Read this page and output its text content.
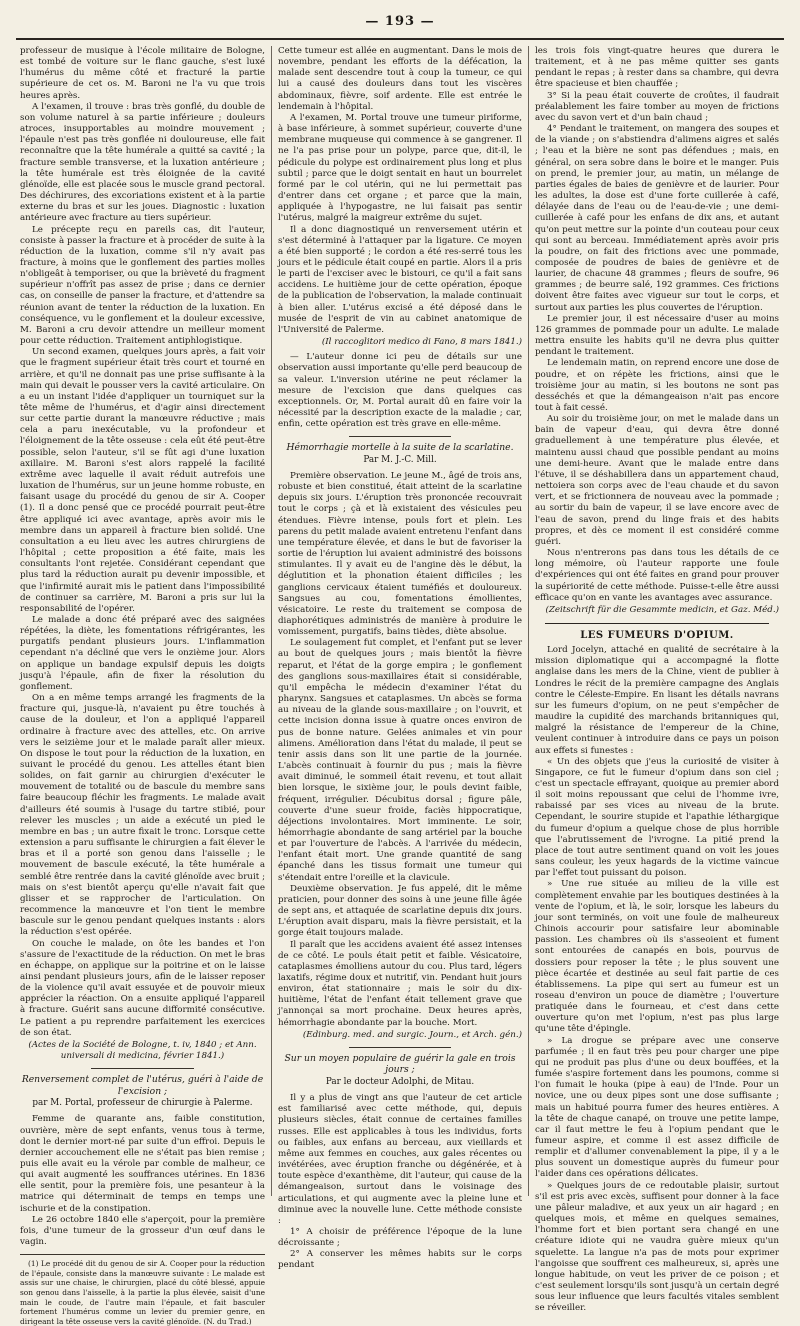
— 193 —

professeur de musique à l'école militaire de Bologne, est tombé de voiture sur le flanc gauche, s'est luxé l'humérus du même côté et fracturé la partie supérieure de cet os. M. Baroni ne l'a vu que trois heures après.

A l'examen, il trouve : bras très gonflé, du double de son volume naturel à sa partie inférieure ; douleurs atroces, insupportables au moindre mouvement ; l'épaule n'est pas très gonflée ni douloureuse, elle fait reconnaître que la tête humérale a quitté sa cavité ; la fracture semble transverse, et la luxation antérieure ; la tête humérale est très éloignée de la cavité glénoïde, elle est placée sous le muscle grand pectoral. Des déchirures, des excoriations existent et à la partie externe du bras et sur les joues. Diagnostic : luxation antérieure avec fracture au tiers supérieur.

Le précepte reçu en pareils cas, dit l'auteur, consiste à passer la fracture et à procéder de suite à la réduction de la luxation, comme s'il n'y avait pas fracture, à moins que le gonflement des parties molles n'obligeât à temporiser, ou que la brièveté du fragment supérieur n'offrît pas assez de prise ; dans ce dernier cas, on conseille de panser la fracture, et d'attendre sa réunion avant de tenter la réduction de la luxation. En conséquence, vu le gonflement et la douleur excessive, M. Baroni a cru devoir attendre un meilleur moment pour cette réduction. Traitement antiphlogistique.

Un second examen, quelques jours après, a fait voir que le fragment supérieur était très court et tourné en arrière, et qu'il ne donnait pas une prise suffisante à la main qui devait le pousser vers la cavité articulaire. On a eu un instant l'idée d'appliquer un tourniquet sur la tête même de l'humérus, et d'agir ainsi directement sur cette partie durant la manœuvre réductive ; mais cela a paru inexécutable, vu la profondeur et l'éloignement de la tête osseuse : cela eût été peut-être possible, selon l'auteur, s'il se fût agi d'une luxation axillaire. M. Baroni s'est alors rappelé la facilité extrême avec laquelle il avait réduit autrefois une luxation de l'humérus, sur un jeune homme robuste, en faisant usage du procédé du genou de sir A. Cooper (1). Il a donc pensé que ce procédé pourrait peut-être être appliqué ici avec avantage, après avoir mis le membre dans un appareil à fracture bien solidé. Une consultation a eu lieu avec les autres chirurgiens de l'hôpital ; cette proposition a été faite, mais les consultants l'ont rejetée. Considérant cependant que plus tard la réduction aurait pu devenir impossible, et que l'infirmité aurait mis le patient dans l'impossibilité de continuer sa carrière, M. Baroni a pris sur lui la responsabilité de l'opérer.

Le malade a donc été préparé avec des saignées répétées, la diète, les fomentations réfrigérantes, les purgatifs pendant plusieurs jours. L'inflammation cependant n'a décliné que vers le onzième jour. Alors on applique un bandage expulsif depuis les doigts jusqu'à l'épaule, afin de fixer la résolution du gonflement.

On a en même temps arrangé les fragments de la fracture qui, jusque-là, n'avaient pu être touchés à cause de la douleur, et l'on a appliqué l'appareil ordinaire à fracture avec des attelles, etc. On arrive vers le seizième jour et le malade paraît aller mieux. On dispose le tout pour la réduction de la luxation, en suivant le procédé du genou. Les attelles étant bien solides, on fait garnir au chirurgien d'exécuter le mouvement de totalité ou de bascule du membre sans faire beaucoup fléchir les fragments. Le malade avait d'ailleurs été soumis à l'usage du tartre stibié, pour relever les muscles ; un aide a exécuté un pied le membre en bas ; un autre fixait le tronc. Lorsque cette extension a paru suffisante le chirurgien a fait élever le bras et il a porté son genou dans l'aisselle ; le mouvement de bascule exécuté, la tête humérale a semblé être rentrée dans la cavité glénoïde avec bruit ; mais on s'est bientôt aperçu qu'elle n'avait fait que glisser et se rapprocher de l'articulation. On recommence la manœuvre et l'on tient le membre bascule sur le genou pendant quelques instants : alors la réduction s'est opérée.

On couche le malade, on ôte les bandes et l'on s'assure de l'exactitude de la réduction. On met le bras en échappe, on applique sur la poitrine et on le laisse ainsi pendant plusieurs jours, afin de le laisser reposer de la violence qu'il avait essuyée et de pouvoir mieux apprécier la réaction. On a ensuite appliqué l'appareil à fracture. Guérit sans aucune difformité consécutive. Le patient a pu reprendre parfaitement les exercices de son état.

(Actes de la Société de Bologne, t. iv, 1840 ; et Ann. universali di medicina, février 1841.)
Renversement complet de l'utérus, guéri à l'aide de l'excision ;
par M. Portal, professeur de chirurgie à Palerme.

Femme de quarante ans, faible constitution, ouvrière, mère de sept enfants, venus tous à terme, dont le dernier mort-né par suite d'un effroi. Depuis le dernier accouchement elle ne s'était pas bien remise ; puis elle avait eu la vérole par comble de malheur, ce qui avait augmenté les souffrances utérines. En 1836 elle sentit, pour la première fois, une pesanteur à la matrice qui déterminait de temps en temps une ischurie et de la constipation.

Le 26 octobre 1840 elle s'aperçoit, pour la première fois, d'une tumeur de la grosseur d'un œuf dans le vagin.

(1) Le procédé dit du genou de sir A. Cooper pour la réduction de l'épaule, consiste dans la manœuvre suivante : Le malade est assis sur une chaise, le chirurgien, placé du côté blessé, appuie son genou dans l'aisselle, à la partie la plus élevée, saisit d'une main le coude, de l'autre main l'épaule, et fait basculer fortement l'humérus comme un levier du premier genre, en dirigeant la tête osseuse vers la cavité glénoïde. (N. du Trad.)

Cette tumeur est allée en augmentant. Dans le mois de novembre, pendant les efforts de la défécation, la malade sent descendre tout à coup la tumeur, ce qui lui a causé des douleurs dans tout les viscères abdominaux, fièvre, soif ardente. Elle est entrée le lendemain à l'hôpital.

A l'examen, M. Portal trouve une tumeur piriforme, à base inférieure, à sommet supérieur, couverte d'une membrane muqueuse qui commence à se gangrener. Il ne l'a pas prise pour un polype, parce que, dit-il, le pédicule du polype est ordinairement plus long et plus subtil ; parce que le doigt sentait en haut un bourrelet formé par le col utérin, qui ne lui permettait pas d'entrer dans cet organe ; et parce que la main, appliquée à l'hypogastre, ne lui faisait pas sentir l'utérus, malgré la maigreur extrême du sujet.

Il a donc diagnostiqué un renversement utérin et s'est déterminé à l'attaquer par la ligature. Ce moyen a été bien supporté ; le cordon a été res-serré tous les jours et le pédicule était coupé en partie. Alors il a pris le parti de l'exciser avec le bistouri, ce qu'il a fait sans accidens. Le huitième jour de cette opération, époque de la publication de l'observation, la malade continuait à bien aller. L'utérus excisé a été déposé dans le musée de l'esprit de vin au cabinet anatomique de l'Université de Palerme.

(Il raccoglitori medico di Fano, 8 mars 1841.)

— L'auteur donne ici peu de détails sur une observation aussi importante qu'elle perd beaucoup de sa valeur. L'inversion utérine ne peut réclamer la mesure de l'excision que dans quelques cas exceptionnels. Or, M. Portal aurait dû en faire voir la nécessité par la description exacte de la maladie ; car, enfin, cette opération est très grave en elle-même.

Hémorrhagie mortelle à la suite de la scarlatine.
Par M. J.-C. Mill.

Première observation. Le jeune M., âgé de trois ans, robuste et bien constitué, était atteint de la scarlatine depuis six jours. L'éruption très prononcée recouvrait tout le corps ; çà et là existaient des vésicules peu étendues. Fièvre intense, pouls fort et plein. Les parens du petit malade avaient entretenu l'enfant dans une température élevée, et dans le but de favoriser la sortie de l'éruption lui avaient administré des boissons stimulantes. Il y avait eu de l'angine dès le début, la déglutition et la phonation étaient difficiles ; les ganglions cervicaux étaient tuméfiés et douloureux. Sangsues au cou, fomentations émollientes, vésicatoire. Le reste du traitement se composa de diaphorétiques administrés de manière à produire le vomissement, purgatifs, bains tièdes, diète absolue.

Le soulagement fut complet, et l'enfant put se lever au bout de quelques jours ; mais bientôt la fièvre reparut, et l'état de la gorge empira ; le gonflement des ganglions sous-maxillaires était si considérable, qu'il empêcha le médecin d'examiner l'état du pharynx. Sangsues et cataplasmes. Un abcès se forma au niveau de la glande sous-maxillaire ; on l'ouvrit, et cette incision donna issue à quatre onces environ de pus de bonne nature. Gelées animales et vin pour alimens. Amélioration dans l'état du malade, il peut se tenir assis dans son lit une partie de la journée. L'abcès continuait à fournir du pus ; mais la fièvre avait diminué, le sommeil était revenu, et tout allait bien lorsque, le sixième jour, le pouls devint faible, fréquent, irrégulier. Décubitus dorsal ; figure pâle, couverte d'une sueur froide, faciès hippocratique, déjections involontaires. Mort imminente. Le soir, hémorrhagie abondante de sang artériel par la bouche et par l'ouverture de l'abcès. A l'arrivée du médecin, l'enfant était mort. Une grande quantité de sang épanché dans les tissus formait une tumeur qui s'étendait entre l'oreille et la clavicule.

Deuxième observation. Je fus appelé, dit le même praticien, pour donner des soins à une jeune fille âgée de sept ans, et attaquée de scarlatine depuis dix jours. L'éruption avait disparu, mais la fièvre persistait, et la gorge était toujours malade.

Il paraît que les accidens avaient été assez intenses de ce côté. Le pouls était petit et faible. Vésicatoire, cataplasmes émolliens autour du cou. Plus tard, légers laxatifs, régime doux et nutritif, vin. Pendant huit jours environ, état stationnaire ; mais le soir du dix-huitième, l'état de l'enfant était tellement grave que j'annonçai sa mort prochaine. Deux heures après, hémorrhagie abondante par la bouche. Mort.

(Edinburg. med. and surgic. Journ., et Arch. gén.)
Sur un moyen populaire de guérir la gale en trois jours ;
Par le docteur Adolphi, de Mitau.

Il y a plus de vingt ans que l'auteur de cet article est familiarisé avec cette méthode, qui, depuis plusieurs siècles, était connue de certaines familles russes. Elle est applicables à tous les individus, forts ou faibles, aux enfans au berceau, aux vieillards et même aux femmes en couches, aux gales récentes ou invétérées, avec éruption franche ou dégénérée, et à toute espèce d'exanthème, dit l'auteur, qui cause de la démangeaison, surtout dans le voisinage des articulations, et qui augmente avec la pleine lune et diminue avec la nouvelle lune. Cette méthode consiste :

1° A choisir de préférence l'époque de la lune décroissante ;

2° A conserver les mêmes habits sur le corps pendant

les trois fois vingt-quatre heures que durera le traitement, et à ne pas même quitter ses gants pendant le repas ; à rester dans sa chambre, qui devra être spacieuse et bien chauffée ;

3° Si la peau était couverte de croûtes, il faudrait préalablement les faire tomber au moyen de frictions avec du savon vert et d'un bain chaud ;

4° Pendant le traitement, on mangera des soupes et de la viande ; on s'abstiendra d'alimens aigres et salés ; l'eau et la bière ne sont pas défendues ; mais, en général, on sera sobre dans le boire et le manger. Puis on prend, le premier jour, au matin, un mélange de parties égales de baies de genièvre et de laurier. Pour les adultes, la dose est d'une forte cuillerée à café, délayée dans de l'eau ou de l'eau-de-vie ; une demi-cuillerée à café pour les enfans de dix ans, et autant qu'on peut mettre sur la pointe d'un couteau pour ceux qui sont au berceau. Immédiatement après avoir pris la poudre, on fait des frictions avec une pommade, composée de poudres de baies de genièvre et de laurier, de chacune 48 grammes ; fleurs de soufre, 96 grammes ; de beurre salé, 192 grammes. Ces frictions doivent être faites avec vigueur sur tout le corps, et surtout aux parties les plus couvertes de l'éruption.

Le premier jour, il est nécessaire d'user au moins 126 grammes de pommade pour un adulte. Le malade mettra ensuite les habits qu'il ne devra plus quitter pendant le traitement.

Le lendemain matin, on reprend encore une dose de poudre, et on répète les frictions, ainsi que le troisième jour au matin, si les boutons ne sont pas desséchés et que la démangeaison n'ait pas encore tout à fait cessé.

Au soir du troisième jour, on met le malade dans un bain de vapeur d'eau, qui devra être donné graduellement à une température plus élevée, et maintenu aussi chaud que possible pendant au moins une demi-heure. Avant que le malade entre dans l'étuve, il se déshabillera dans un appartement chaud, nettoiera son corps avec de l'eau chaude et du savon vert, et se frictionnera de nouveau avec la pommade ; au sortir du bain de vapeur, il se lave encore avec de l'eau de savon, prend du linge frais et des habits propres, et dès ce moment il est considéré comme guéri.

Nous n'entrerons pas dans tous les détails de ce long mémoire, où l'auteur rapporte une foule d'expériences qui ont été faites en grand pour prouver la supériorité de cette méthode. Puisse-t-elle être aussi efficace qu'on en vante les avantages avec assurance.

(Zeitschrift für die Gesammte medicin, et Gaz. Méd.)
LES FUMEURS D'OPIUM.

Lord Jocelyn, attaché en qualité de secrétaire à la mission diplomatique qui a accompagné la flotte anglaise dans les mers de la Chine, vient de publier à Londres le récit de la première campagne des Anglais contre le Céleste-Empire. En lisant les détails navrans sur les fumeurs d'opium, on ne peut s'empêcher de maudire la cupidité des marchands britanniques qui, malgré la résistance de l'empereur de la Chine, veulent continuer à introduire dans ce pays un poison aux effets si funestes :

« Un des objets que j'eus la curiosité de visiter à Singapore, ce fut le fumeur d'opium dans son ciel ; c'est un spectacle effrayant, quoique au premier abord il soit moins repoussant que celui de l'homme ivre, rabaissé par ses vices au niveau de la brute. Cependant, le sourire stupide et l'apathie léthargique du fumeur d'opium a quelque chose de plus horrible que l'abrutissement de l'ivrogne. La pitié prend la place de tout autre sentiment quand on voit les joues sans couleur, les yeux hagards de la victime vaincue par l'effet tout puissant du poison.

» Une rue située au milieu de la ville est complètement envahie par les boutiques destinées à la vente de l'opium, et là, le soir, lorsque les labeurs du jour sont terminés, on voit une foule de malheureux Chinois accourir pour satisfaire leur abominable passion. Les chambres où ils s'asseoient et fument sont entourées de canapés en bois, pourvus de dossiers pour reposer la tête ; le plus souvent une pièce écartée et destinée au seul fait partie de ces établissemens. La pipe qui sert au fumeur est un roseau d'environ un pouce de diamètre ; l'ouverture pratiquée dans le fourneau, et c'est dans cette ouverture qu'on met l'opium, n'est pas plus large qu'une tête d'épingle.

» La drogue se prépare avec une conserve parfumée ; il en faut très peu pour charger une pipe qui ne produit pas plus d'une ou deux bouffées, et la fumée s'aspire fortement dans les poumons, comme si l'on fumait le houka (pipe à eau) de l'Inde. Pour un novice, une ou deux pipes sont une dose suffisante ; mais un habitué pourra fumer des heures entières. A la tête de chaque canapé, on trouve une petite lampe, car il faut mettre le feu à l'opium pendant que le fumeur aspire, et comme il est assez difficile de remplir et d'allumer convenablement la pipe, il y a le plus souvent un domestique auprès du fumeur pour l'aider dans ces opérations délicates.

» Quelques jours de ce redoutable plaisir, surtout s'il est pris avec excès, suffisent pour donner à la face une pâleur maladive, et aux yeux un air hagard ; en quelques mois, et même en quelques semaines, l'homme fort et bien portant sera changé en une créature idiote qui ne vaudra guère mieux qu'un squelette. La langue n'a pas de mots pour exprimer l'angoisse que souffrent ces malheureux, si, après une longue habitude, on veut les priver de ce poison ; et c'est seulement lorsqu'ils sont jusqu'à un certain degré sous leur influence que leurs facultés vitales semblent se réveiller.
